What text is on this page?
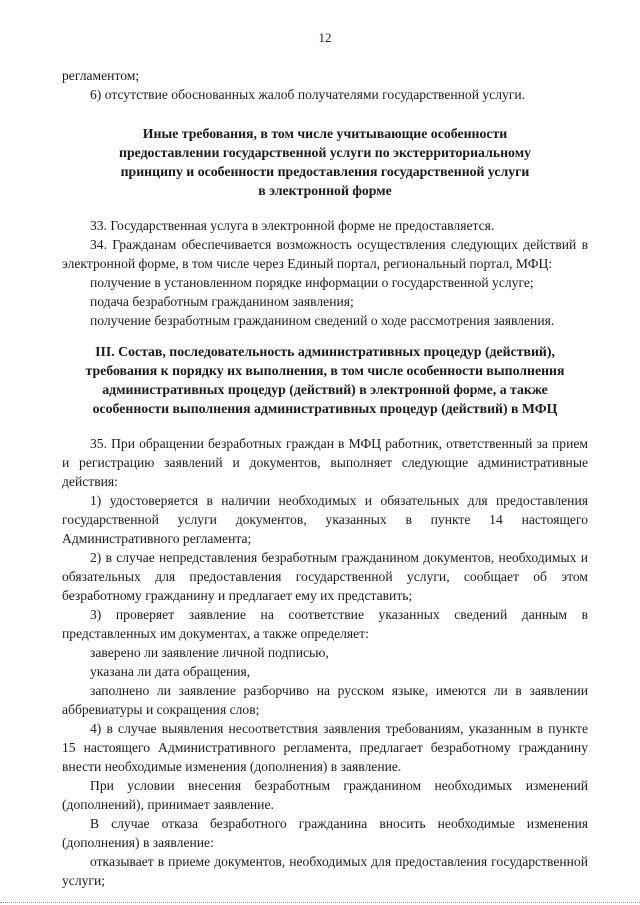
12

регламентом;

6) отсутствие обоснованных жалоб получателями государственной услуги.

Иные требования, в том числе учитывающие особенности
предоставлении государственной услуги по экстерриториальному
принципу и особенности предоставления государственной услуги
в электронной форме

33. Государственная услуга в электронной форме не предоставляется.

34. Гражданам обеспечивается возможность осуществления следующих действий в электронной форме, в том числе через Единый портал, региональный портал, МФЦ:

получение в установленном порядке информации о государственной услуге;

подача безработным гражданином заявления;

получение безработным гражданином сведений о ходе рассмотрения заявления.

III. Состав, последовательность административных процедур (действий),
требования к порядку их выполнения, в том числе особенности выполнения
административных процедур (действий) в электронной форме, а также
особенности выполнения административных процедур (действий) в МФЦ

35. При обращении безработных граждан в МФЦ работник, ответственный за прием и регистрацию заявлений и документов, выполняет следующие административные действия:

1) удостоверяется в наличии необходимых и обязательных для предоставления государственной услуги документов, указанных в пункте 14 настоящего Административного регламента;

2) в случае непредставления безработным гражданином документов, необходимых и обязательных для предоставления государственной услуги, сообщает об этом безработному гражданину и предлагает ему их представить;

3) проверяет заявление на соответствие указанных сведений данным в представленных им документах, а также определяет:

заверено ли заявление личной подписью,

указана ли дата обращения,

заполнено ли заявление разборчиво на русском языке, имеются ли в заявлении аббревиатуры и сокращения слов;

4) в случае выявления несоответствия заявления требованиям, указанным в пункте 15 настоящего Административного регламента, предлагает безработному гражданину внести необходимые изменения (дополнения) в заявление.

При условии внесения безработным гражданином необходимых изменений (дополнений), принимает заявление.

В случае отказа безработного гражданина вносить необходимые изменения (дополнения) в заявление:

отказывает в приеме документов, необходимых для предоставления государственной услуги;
